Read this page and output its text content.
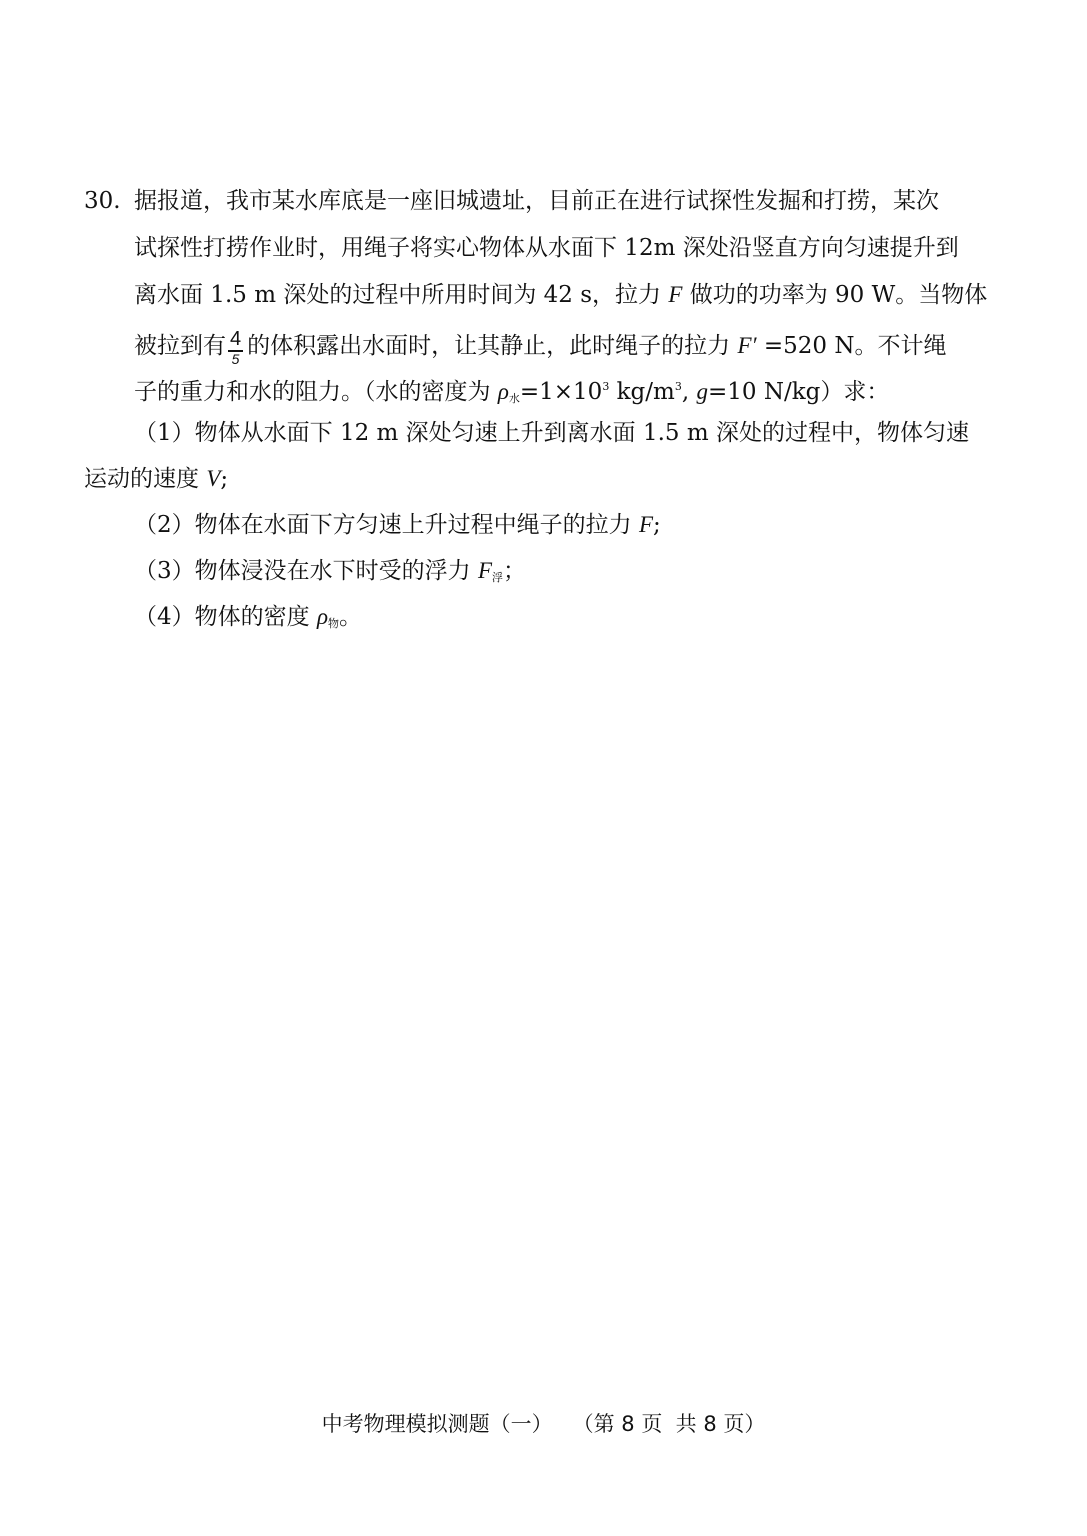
30. 据报道，我市某水库底是一座旧城遗址，目前正在进行试探性发掘和打捞，某次
试探性打捞作业时，用绳子将实心物体从水面下 12m 深处沿竖直方向匀速提升到
离水面 1.5 m 深处的过程中所用时间为 42 s，拉力 F 做功的功率为 90 W。当物体
被拉到有 $\frac{4}{5}$ 的体积露出水面时，让其静止，此时绳子的拉力 F′ =520 N。不计绳
子的重力和水的阻力。（水的密度为 $\rho_水=1\times 10^3$ $kg/m^3$, g=10 N/kg）求：
（1）物体从水面下 12 m 深处匀速上升到离水面 1.5 m 深处的过程中，物体匀速
运动的速度 V;
（2）物体在水面下方匀速上升过程中绳子的拉力 F;
（3）物体浸没在水下时受的浮力 $F_浮$；
（4）物体的密度 $\rho_物$。
中考物理模拟测题（一）   （第 8 页  共 8 页）
